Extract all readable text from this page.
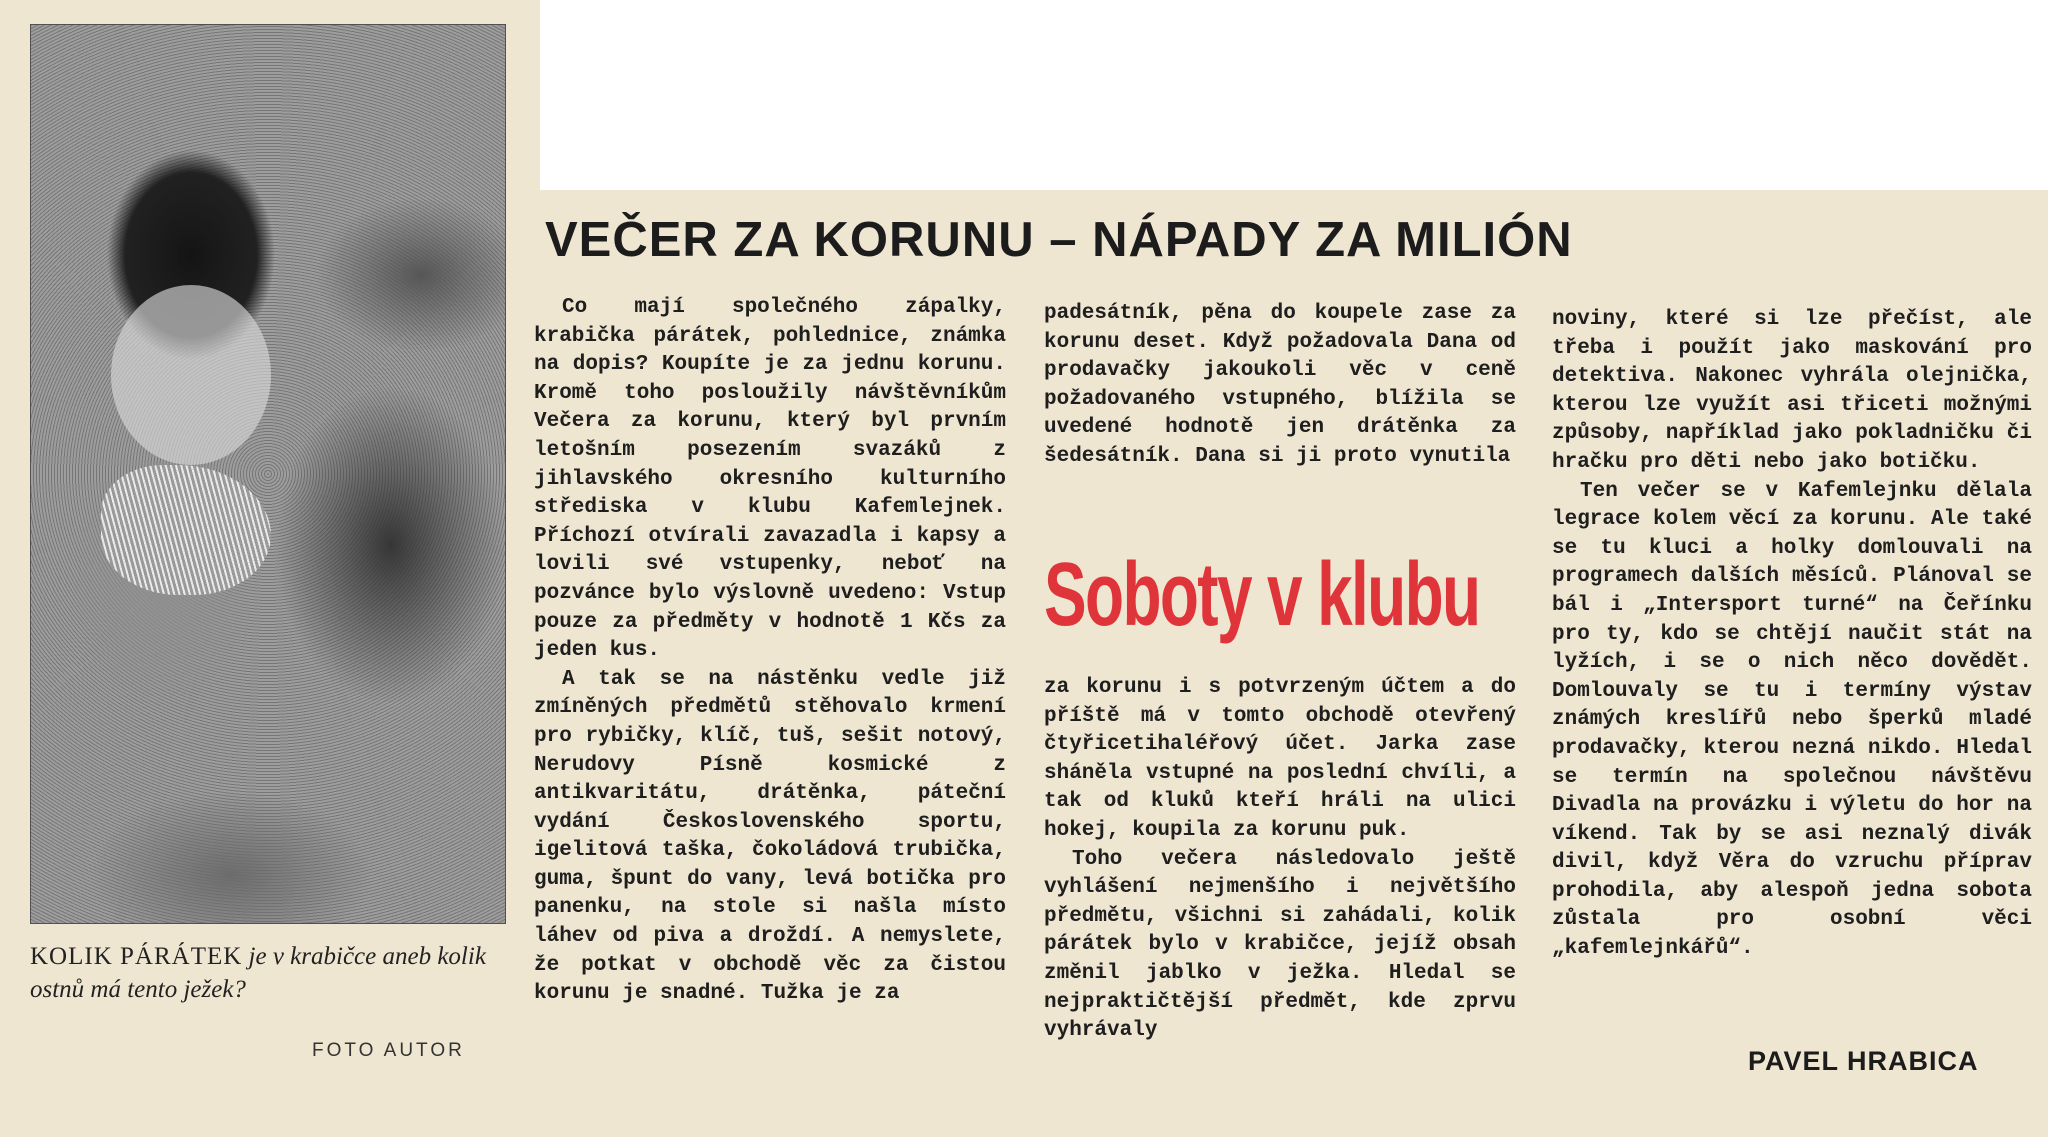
KOLIK PÁRÁTEK je v krabičce aneb kolik ostnů má tento ježek?
FOTO AUTOR
VEČER ZA KORUNU – NÁPADY ZA MILIÓN

Co mají společného zápalky, krabička párátek, pohlednice, známka na dopis? Koupíte je za jednu korunu. Kromě toho posloužily návštěvníkům Večera za korunu, který byl prvním letošním posezením svazáků z jihlavského okresního kulturního střediska v klubu Kafemlejnek. Příchozí otvírali zavazadla i kapsy a lovili své vstupenky, neboť na pozvánce bylo výslovně uvedeno: Vstup pouze za předměty v hodnotě 1 Kčs za jeden kus.

A tak se na nástěnku vedle již zmíněných předmětů stěhovalo krmení pro rybičky, klíč, tuš, sešit notový, Nerudovy Písně kosmické z antikvaritátu, drátěnka, páteční vydání Československého sportu, igelitová taška, čokoládová trubička, guma, špunt do vany, levá botička pro panenku, na stole si našla místo láhev od piva a droždí. A nemyslete, že potkat v obchodě věc za čistou korunu je snadné. Tužka je za

padesátník, pěna do koupele zase za korunu deset. Když požadovala Dana od prodavačky jakoukoli věc v ceně požadovaného vstupného, blížila se uvedené hodnotě jen drátěnka za šedesátník. Dana si ji proto vynutila

Soboty v klubu

za korunu i s potvrzeným účtem a do příště má v tomto obchodě otevřený čtyřicetihaléřový účet. Jarka zase sháněla vstupné na poslední chvíli, a tak od kluků kteří hráli na ulici hokej, koupila za korunu puk.

Toho večera následovalo ještě vyhlášení nejmenšího i největšího předmětu, všichni si zahádali, kolik párátek bylo v krabičce, jejíž obsah změnil jablko v ježka. Hledal se nejpraktičtější předmět, kde zprvu vyhrávaly

noviny, které si lze přečíst, ale třeba i použít jako maskování pro detektiva. Nakonec vyhrála olejnička, kterou lze využít asi třiceti možnými způsoby, například jako pokladničku či hračku pro děti nebo jako botičku.

Ten večer se v Kafemlejnku dělala legrace kolem věcí za korunu. Ale také se tu kluci a holky domlouvali na programech dalších měsíců. Plánoval se bál i „Intersport turné“ na Čeřínku pro ty, kdo se chtějí naučit stát na lyžích, i se o nich něco dovědět. Domlouvaly se tu i termíny výstav známých kreslířů nebo šperků mladé prodavačky, kterou nezná nikdo. Hledal se termín na společnou návštěvu Divadla na provázku i výletu do hor na víkend. Tak by se asi neznalý divák divil, když Věra do vzruchu příprav prohodila, aby alespoň jedna sobota zůstala pro osobní věci „kafemlejnkářů“.

PAVEL HRABICA
